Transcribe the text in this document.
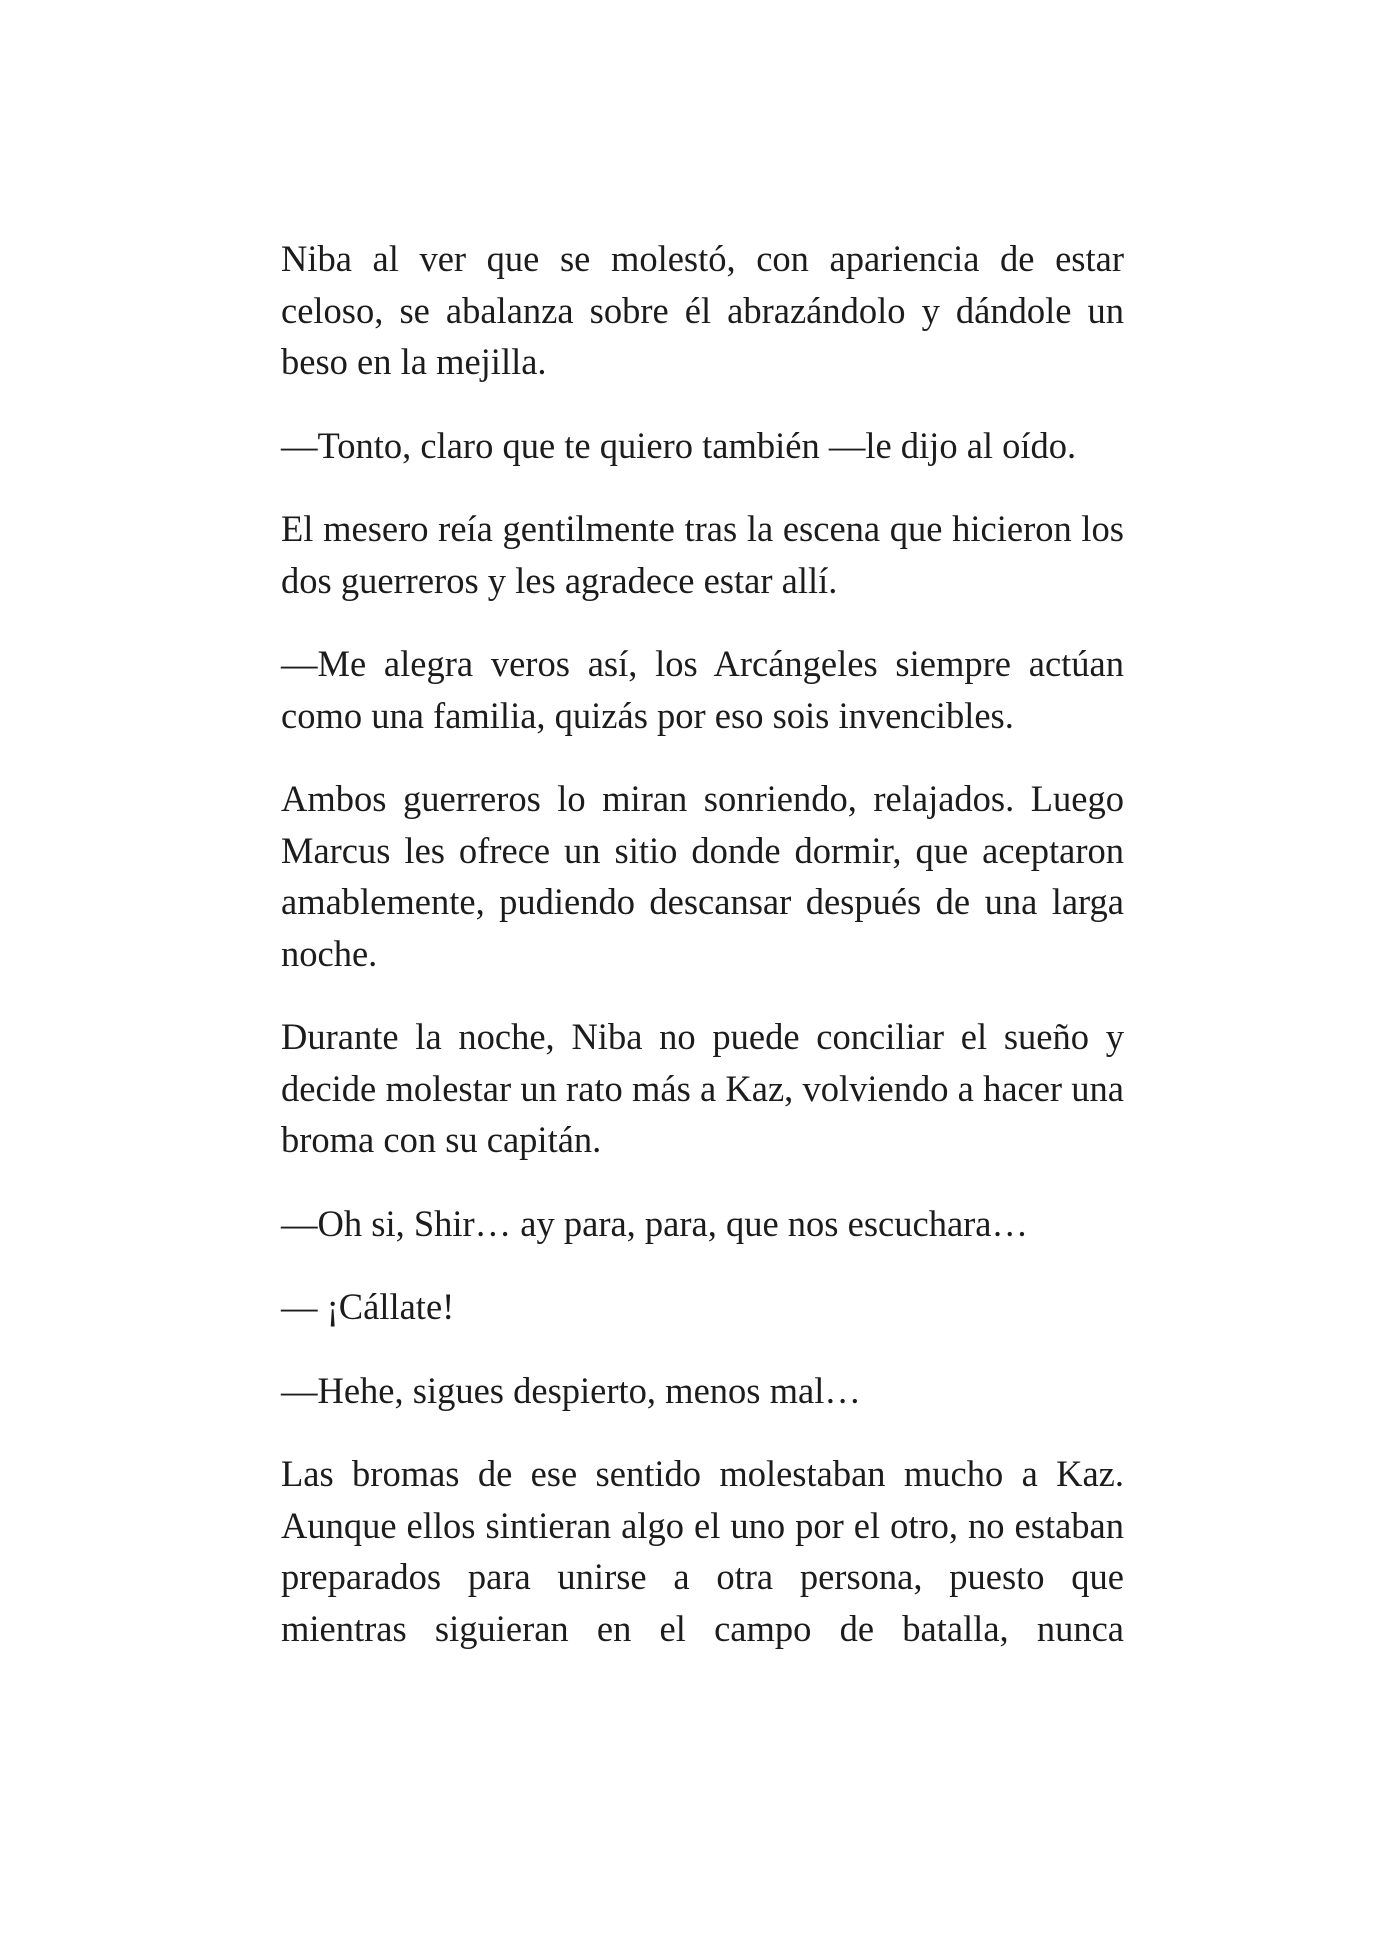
Niba al ver que se molestó, con apariencia de estar celoso, se abalanza sobre él abrazándolo y dándole un beso en la mejilla.

—Tonto, claro que te quiero también —le dijo al oído.

El mesero reía gentilmente tras la escena que hicieron los dos guerreros y les agradece estar allí.

—Me alegra veros así, los Arcángeles siempre actúan como una familia, quizás por eso sois invencibles.

Ambos guerreros lo miran sonriendo, relajados. Luego Marcus les ofrece un sitio donde dormir, que aceptaron amablemente, pudiendo descansar después de una larga noche.

Durante la noche, Niba no puede conciliar el sueño y decide molestar un rato más a Kaz, volviendo a hacer una broma con su capitán.

—Oh si, Shir… ay para, para, que nos escuchara…

— ¡Cállate!

—Hehe, sigues despierto, menos mal…

Las bromas de ese sentido molestaban mucho a Kaz. Aunque ellos sintieran algo el uno por el otro, no estaban preparados para unirse a otra persona, puesto que mientras siguieran en el campo de batalla, nunca
